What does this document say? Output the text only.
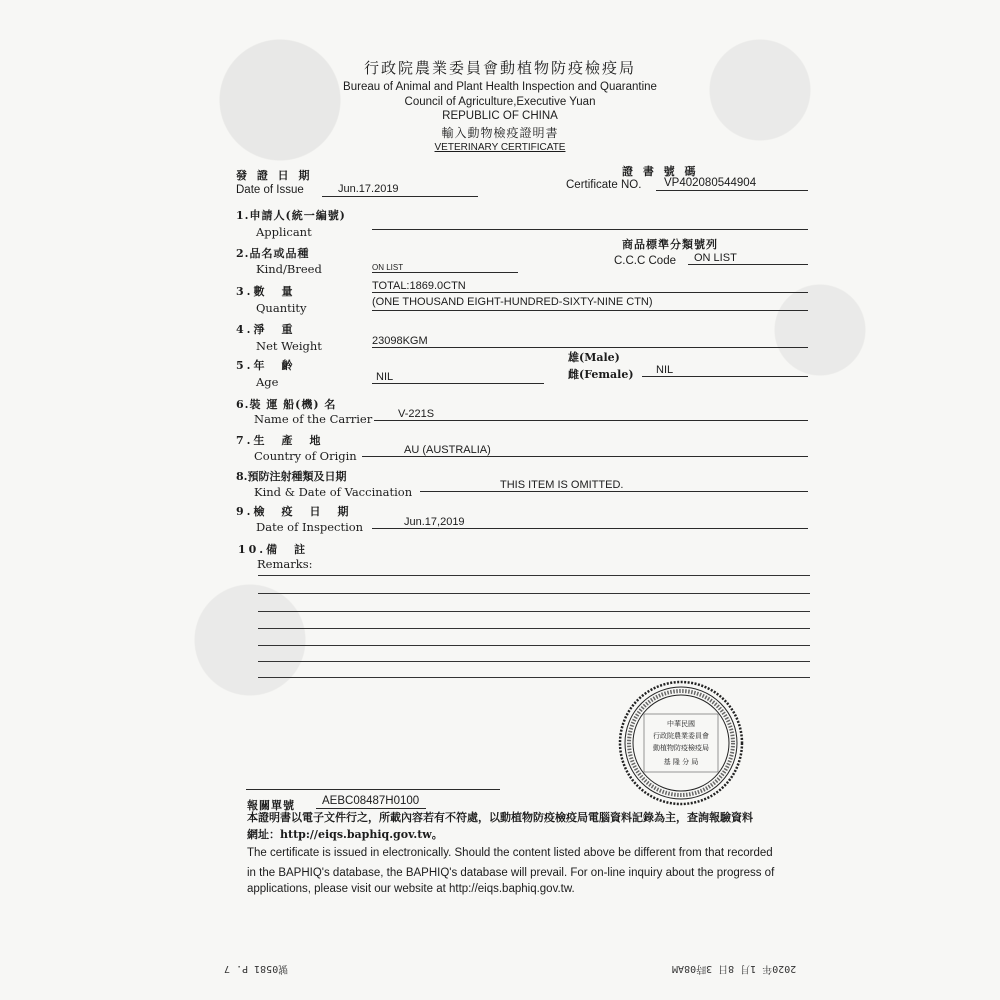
行政院農業委員會動植物防疫檢疫局
Bureau of Animal and Plant Health Inspection and Quarantine
Council of Agriculture,Executive Yuan
REPUBLIC OF CHINA
輸入動物檢疫證明書
VETERINARY CERTIFICATE
發 證 日 期
Date of Issue	Jun.17.2019
證 書 號 碼
Certificate NO. VP402080544904
1.申請人(統一編號)
Applicant
2.品名或品種
Kind/Breed	ON LIST
商品標準分類號列
C.C.C Code ON LIST
3.數　量
Quantity
TOTAL:1869.0CTN
(ONE THOUSAND EIGHT-HUNDRED-SIXTY-NINE CTN)
4.淨　重
Net Weight	23098KGM
5.年　齡
Age	NIL
雄(Male)
雌(Female) NIL
6.裝 運 船(機) 名
Name of the Carrier V-221S
7.生　產　地
Country of Origin	AU (AUSTRALIA)
8.預防注射種類及日期
Kind & Date of Vaccination	THIS ITEM IS OMITTED.
9.檢　疫　日　期
Date of Inspection	Jun.17,2019
10.備　註
Remarks:
中華民國
行政院農業委員會
動植物防疫檢疫局
基 隆 分 局
報關單號 AEBC08487H0100
本證明書以電子文件行之，所載內容若有不符處，以動植物防疫檢疫局電腦資料記錄為主，查詢報驗資料
網址：http://eiqs.baphiq.gov.tw。
The certificate is issued in electronically. Should the content listed above be different from that recorded
in the BAPHIQ's database, the BAPHIQ's database will prevail. For on-line inquiry about the progress of
applications, please visit our website at http://eiqs.baphiq.gov.tw.
號0581 P. 7	2020年 1月 8日 3時08AM
